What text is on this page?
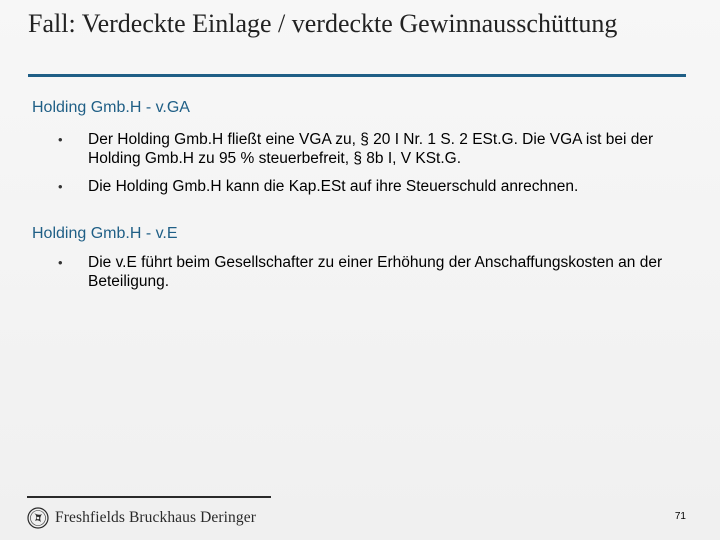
Fall: Verdeckte Einlage / verdeckte Gewinnausschüttung
Holding Gmb.H - v.GA
• Der Holding Gmb.H fließt eine VGA zu, § 20 I Nr. 1 S. 2 ESt.G. Die VGA ist bei der Holding Gmb.H zu 95 % steuerbefreit, § 8b I, V KSt.G.
• Die Holding Gmb.H kann die Kap.ESt auf ihre Steuerschuld anrechnen.
Holding Gmb.H - v.E
• Die v.E führt beim Gesellschafter zu einer Erhöhung der Anschaffungskosten an der Beteiligung.
Freshfields Bruckhaus Deringer	71
